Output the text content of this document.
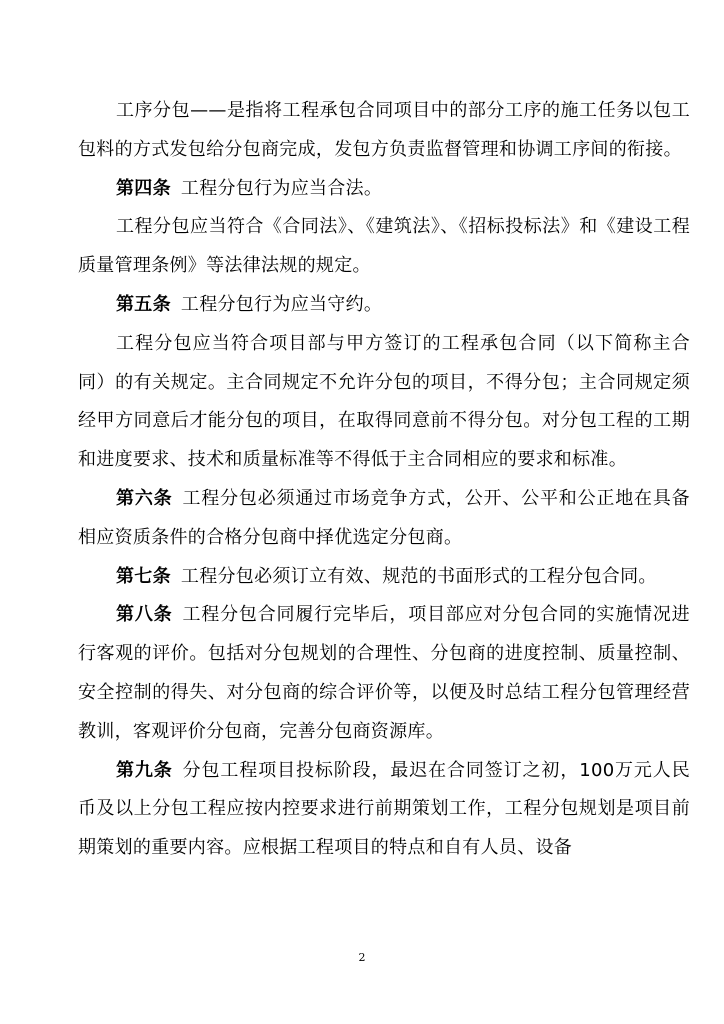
工序分包——是指将工程承包合同项目中的部分工序的施工任务以包工包料的方式发包给分包商完成，发包方负责监督管理和协调工序间的衔接。

第四条 工程分包行为应当合法。

工程分包应当符合《合同法》、《建筑法》、《招标投标法》和《建设工程质量管理条例》等法律法规的规定。

第五条 工程分包行为应当守约。

工程分包应当符合项目部与甲方签订的工程承包合同（以下简称主合同）的有关规定。主合同规定不允许分包的项目，不得分包；主合同规定须经甲方同意后才能分包的项目，在取得同意前不得分包。对分包工程的工期和进度要求、技术和质量标准等不得低于主合同相应的要求和标准。

第六条 工程分包必须通过市场竞争方式，公开、公平和公正地在具备相应资质条件的合格分包商中择优选定分包商。

第七条 工程分包必须订立有效、规范的书面形式的工程分包合同。

第八条 工程分包合同履行完毕后，项目部应对分包合同的实施情况进行客观的评价。包括对分包规划的合理性、分包商的进度控制、质量控制、安全控制的得失、对分包商的综合评价等，以便及时总结工程分包管理经营教训，客观评价分包商，完善分包商资源库。

第九条 分包工程项目投标阶段，最迟在合同签订之初，100万元人民币及以上分包工程应按内控要求进行前期策划工作，工程分包规划是项目前期策划的重要内容。应根据工程项目的特点和自有人员、设备

2
